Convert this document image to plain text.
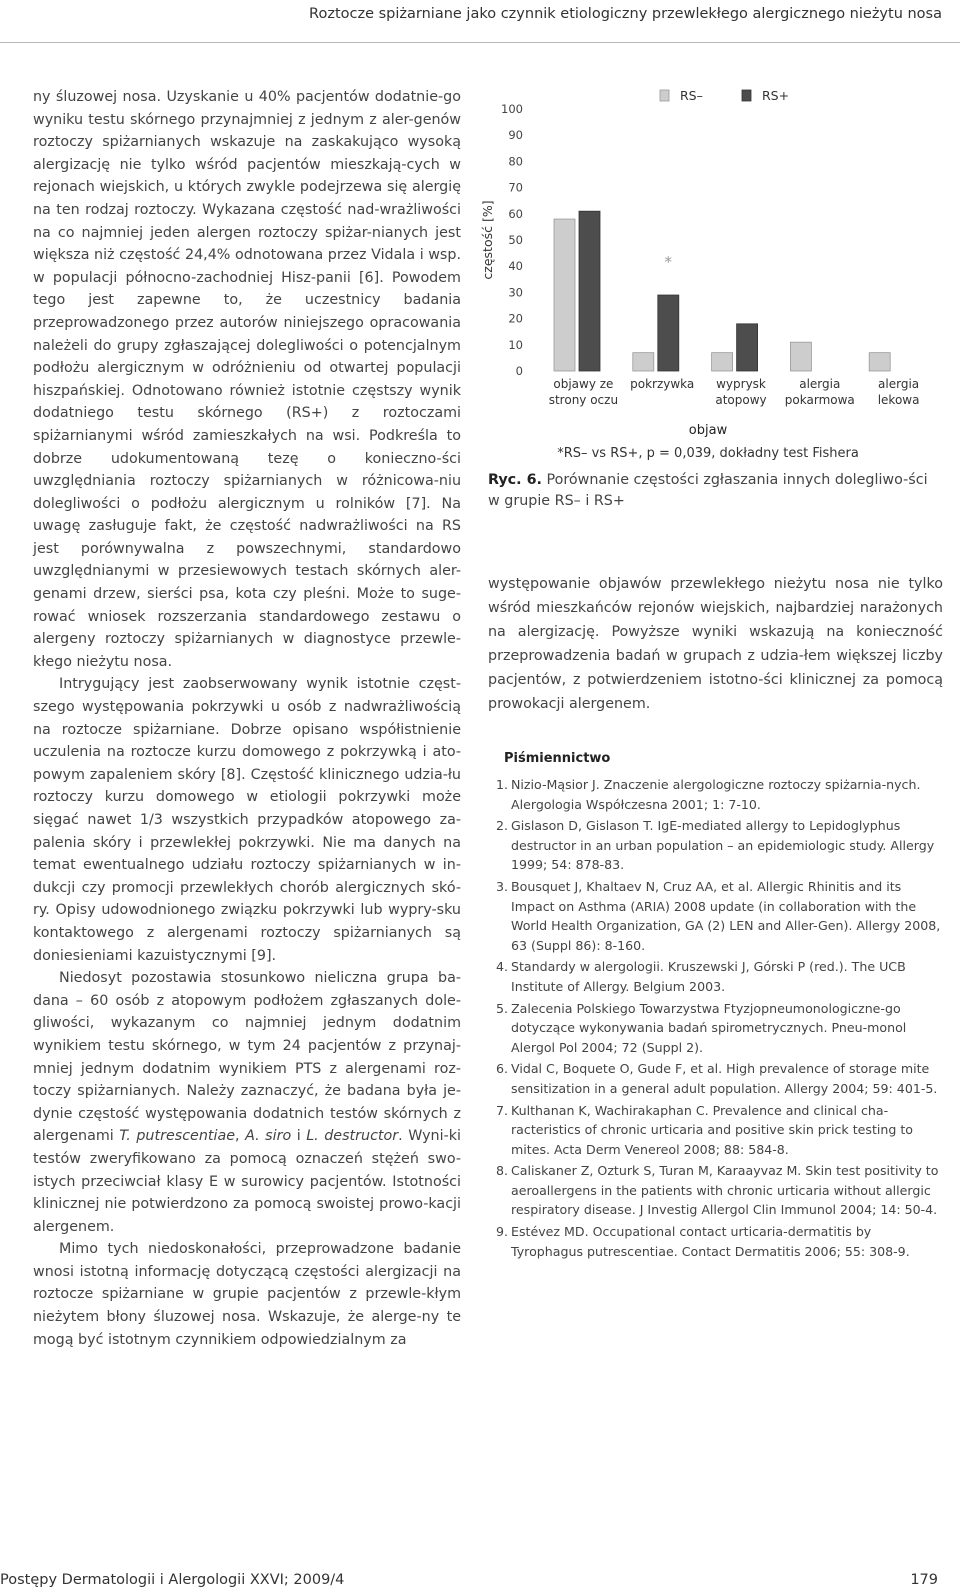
Roztocze spiżarniane jako czynnik etiologiczny przewlekłego alergicznego nieżytu nosa

ny śluzowej nosa. Uzyskanie u 40% pacjentów dodatnie-go wyniku testu skórnego przynajmniej z jednym z aler-genów roztoczy spiżarnianych wskazuje na zaskakująco wysoką alergizację nie tylko wśród pacjentów mieszkają-cych w rejonach wiejskich, u których zwykle podejrzewa się alergię na ten rodzaj roztoczy. Wykazana częstość nad-wrażliwości na co najmniej jeden alergen roztoczy spiżar-nianych jest większa niż częstość 24,4% odnotowana przez Vidala i wsp. w populacji północno-zachodniej Hisz-panii [6]. Powodem tego jest zapewne to, że uczestnicy badania przeprowadzonego przez autorów niniejszego opracowania należeli do grupy zgłaszającej dolegliwości o potencjalnym podłożu alergicznym w odróżnieniu od otwartej populacji hiszpańskiej. Odnotowano również istotnie częstszy wynik dodatniego testu skórnego (RS+) z roztoczami spiżarnianymi wśród zamieszkałych na wsi. Podkreśla to dobrze udokumentowaną tezę o konieczno-ści uwzględniania roztoczy spiżarnianych w różnicowa-niu dolegliwości o podłożu alergicznym u rolników [7]. Na uwagę zasługuje fakt, że częstość nadwrażliwości na RS jest porównywalna z powszechnymi, standardowo uwzględnianymi w przesiewowych testach skórnych aler-genami drzew, sierści psa, kota czy pleśni. Może to suge-rować wniosek rozszerzania standardowego zestawu o alergeny roztoczy spiżarnianych w diagnostyce przewle-kłego nieżytu nosa.

Intrygujący jest zaobserwowany wynik istotnie częst-szego występowania pokrzywki u osób z nadwrażliwością na roztocze spiżarniane. Dobrze opisano współistnienie uczulenia na roztocze kurzu domowego z pokrzywką i ato-powym zapaleniem skóry [8]. Częstość klinicznego udzia-łu roztoczy kurzu domowego w etiologii pokrzywki może sięgać nawet 1/3 wszystkich przypadków atopowego za-palenia skóry i przewlekłej pokrzywki. Nie ma danych na temat ewentualnego udziału roztoczy spiżarnianych w in-dukcji czy promocji przewlekłych chorób alergicznych skó-ry. Opisy udowodnionego związku pokrzywki lub wypry-sku kontaktowego z alergenami roztoczy spiżarnianych są doniesieniami kazuistycznymi [9].

Niedosyt pozostawia stosunkowo nieliczna grupa ba-dana – 60 osób z atopowym podłożem zgłaszanych dole-gliwości, wykazanym co najmniej jednym dodatnim wynikiem testu skórnego, w tym 24 pacjentów z przynaj-mniej jednym dodatnim wynikiem PTS z alergenami roz-toczy spiżarnianych. Należy zaznaczyć, że badana była je-dynie częstość występowania dodatnich testów skórnych z alergenami T. putrescentiae, A. siro i L. destructor. Wyni-ki testów zweryfikowano za pomocą oznaczeń stężeń swo-istych przeciwciał klasy E w surowicy pacjentów. Istotności klinicznej nie potwierdzono za pomocą swoistej prowo-kacji alergenem.

Mimo tych niedoskonałości, przeprowadzone badanie wnosi istotną informację dotyczącą częstości alergizacji na roztocze spiżarniane w grupie pacjentów z przewle-kłym nieżytem błony śluzowej nosa. Wskazuje, że alerge-ny te mogą być istotnym czynnikiem odpowiedzialnym za

0
10
20
30
40
50
60
70
80
90
100
częstość [%]
objawy ze
strony oczu
pokrzywka wyprysk
atopowy
alergia
pokarmowa
alergia
lekowa
*
RS–	RS+
objaw
*RS– vs RS+, p = 0,039, dokładny test Fishera
Ryc. 6. Porównanie częstości zgłaszania innych dolegliwo-ści w grupie RS– i RS+
występowanie objawów przewlekłego nieżytu nosa nie tylko wśród mieszkańców rejonów wiejskich, najbardziej narażonych na alergizację. Powyższe wyniki wskazują na konieczność przeprowadzenia badań w grupach z udzia-łem większej liczby pacjentów, z potwierdzeniem istotno-ści klinicznej za pomocą prowokacji alergenem.
Piśmiennictwo
1. Nizio-Mąsior J. Znaczenie alergologiczne roztoczy spiżarnia-nych. Alergologia Współczesna 2001; 1: 7-10.
2. Gislason D, Gislason T. IgE-mediated allergy to Lepidoglyphus destructor in an urban population – an epidemiologic study. Allergy 1999; 54: 878-83.
3. Bousquet J, Khaltaev N, Cruz AA, et al. Allergic Rhinitis and its Impact on Asthma (ARIA) 2008 update (in collaboration with the World Health Organization, GA (2) LEN and Aller-Gen). Allergy 2008, 63 (Suppl 86): 8-160.
4. Standardy w alergologii. Kruszewski J, Górski P (red.). The UCB Institute of Allergy. Belgium 2003.
5. Zalecenia Polskiego Towarzystwa Ftyzjopneumonologiczne-go dotyczące wykonywania badań spirometrycznych. Pneu-monol Alergol Pol 2004; 72 (Suppl 2).
6. Vidal C, Boquete O, Gude F, et al. High prevalence of storage mite sensitization in a general adult population. Allergy 2004; 59: 401-5.
7. Kulthanan K, Wachirakaphan C. Prevalence and clinical cha-racteristics of chronic urticaria and positive skin prick testing to mites. Acta Derm Venereol 2008; 88: 584-8.
8. Caliskaner Z, Ozturk S, Turan M, Karaayvaz M. Skin test positivity to aeroallergens in the patients with chronic urticaria without allergic respiratory disease. J Investig Allergol Clin Immunol 2004; 14: 50-4.
9. Estévez MD. Occupational contact urticaria-dermatitis by Tyrophagus putrescentiae. Contact Dermatitis 2006; 55: 308-9.
Postępy Dermatologii i Alergologii XXVI; 2009/4	179
